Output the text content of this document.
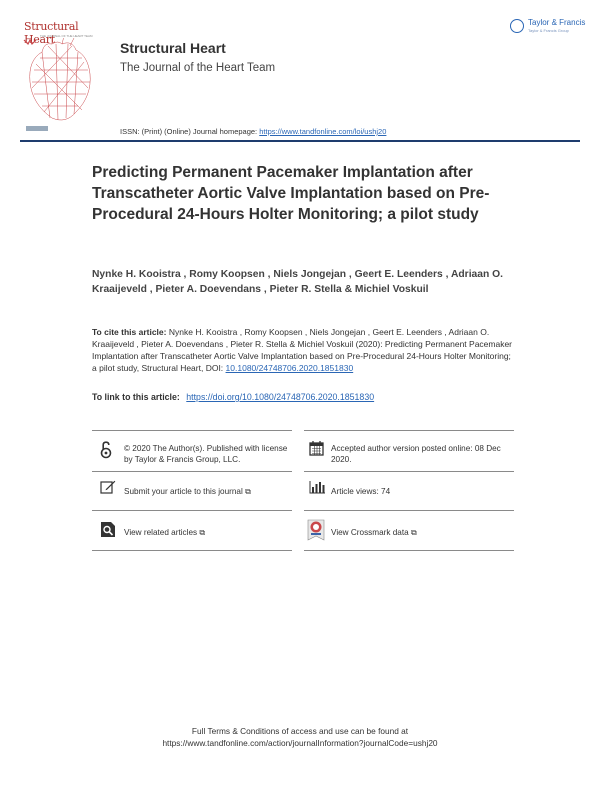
Structural Heart
THE JOURNAL OF THE HEART TEAM
Structural Heart
The Journal of the Heart Team
Taylor & Francis
Taylor & Francis Group
ISSN: (Print) (Online) Journal homepage: https://www.tandfonline.com/loi/ushj20
Predicting Permanent Pacemaker Implantation after Transcatheter Aortic Valve Implantation based on Pre-Procedural 24-Hours Holter Monitoring; a pilot study
Nynke H. Kooistra , Romy Koopsen , Niels Jongejan , Geert E. Leenders , Adriaan O. Kraaijeveld , Pieter A. Doevendans , Pieter R. Stella & Michiel Voskuil
To cite this article: Nynke H. Kooistra , Romy Koopsen , Niels Jongejan , Geert E. Leenders , Adriaan O. Kraaijeveld , Pieter A. Doevendans , Pieter R. Stella & Michiel Voskuil (2020): Predicting Permanent Pacemaker Implantation after Transcatheter Aortic Valve Implantation based on Pre-Procedural 24-Hours Holter Monitoring; a pilot study, Structural Heart, DOI: 10.1080/24748706.2020.1851830
To link to this article: https://doi.org/10.1080/24748706.2020.1851830
© 2020 The Author(s). Published with license by Taylor & Francis Group, LLC.
Accepted author version posted online: 08 Dec 2020.
Submit your article to this journal ⧉	Article views: 74
View related articles ⧉	View Crossmark data ⧉
Full Terms & Conditions of access and use can be found at
https://www.tandfonline.com/action/journalInformation?journalCode=ushj20
